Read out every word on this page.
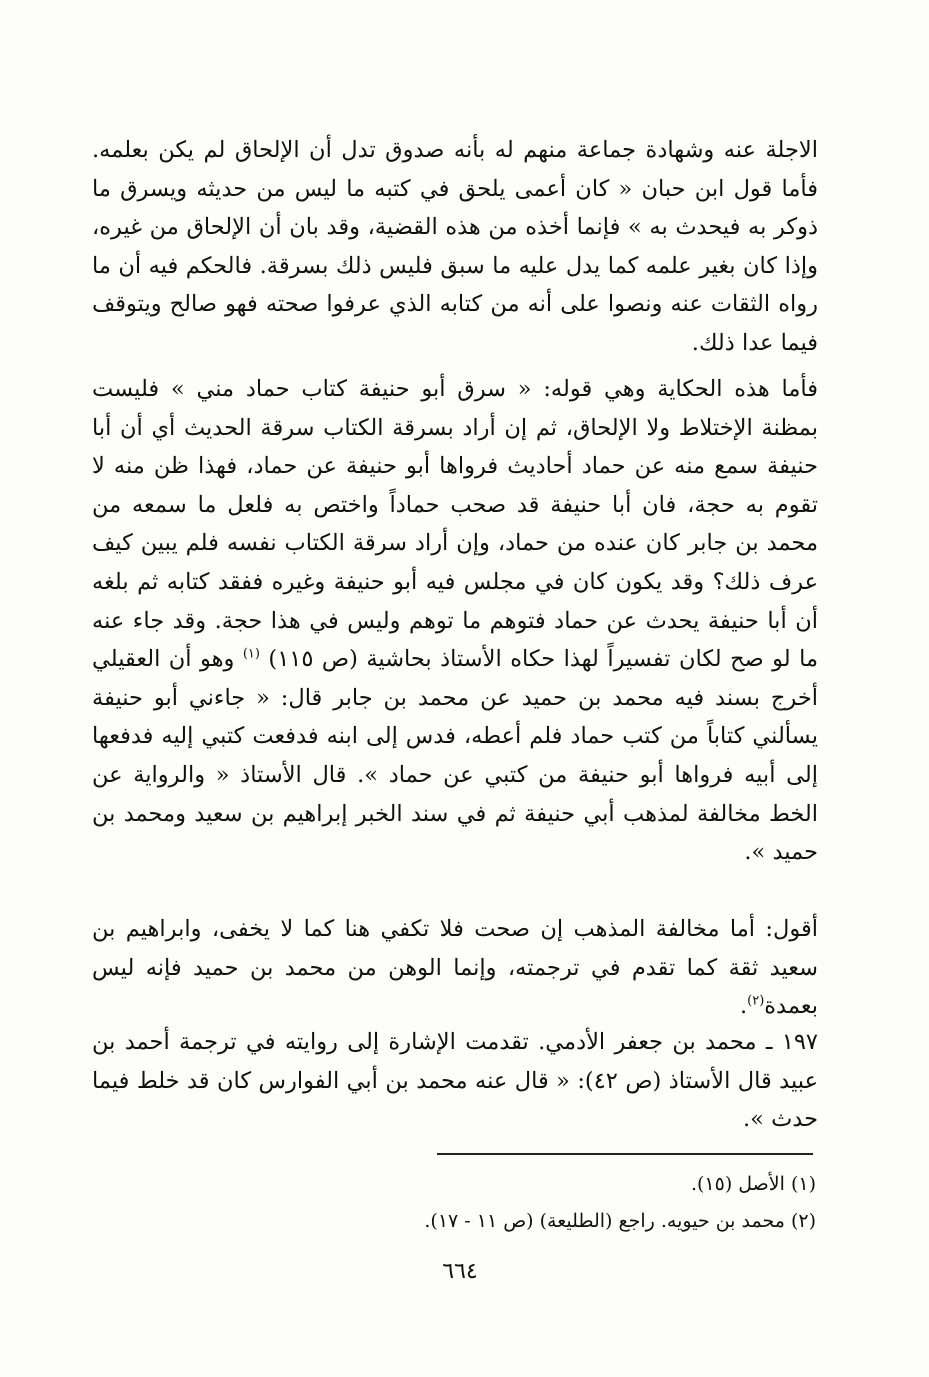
الاجلة عنه وشهادة جماعة منهم له بأنه صدوق تدل أن الإلحاق لم يكن بعلمه. فأما قول ابن حبان « كان أعمى يلحق في كتبه ما ليس من حديثه ويسرق ما ذوكر به فيحدث به » فإنما أخذه من هذه القضية، وقد بان أن الإلحاق من غيره، وإذا كان بغير علمه كما يدل عليه ما سبق فليس ذلك بسرقة. فالحكم فيه أن ما رواه الثقات عنه ونصوا على أنه من كتابه الذي عرفوا صحته فهو صالح ويتوقف فيما عدا ذلك.

فأما هذه الحكاية وهي قوله: « سرق أبو حنيفة كتاب حماد مني » فليست بمظنة الإختلاط ولا الإلحاق، ثم إن أراد بسرقة الكتاب سرقة الحديث أي أن أبا حنيفة سمع منه عن حماد أحاديث فرواها أبو حنيفة عن حماد، فهذا ظن منه لا تقوم به حجة، فان أبا حنيفة قد صحب حماداً واختص به فلعل ما سمعه من محمد بن جابر كان عنده من حماد، وإن أراد سرقة الكتاب نفسه فلم يبين كيف عرف ذلك؟ وقد يكون كان في مجلس فيه أبو حنيفة وغيره ففقد كتابه ثم بلغه أن أبا حنيفة يحدث عن حماد فتوهم ما توهم وليس في هذا حجة. وقد جاء عنه ما لو صح لكان تفسيراً لهذا حكاه الأستاذ بحاشية (ص ١١٥) $^{(١)}$ وهو أن العقيلي أخرج بسند فيه محمد بن حميد عن محمد بن جابر قال: « جاءني أبو حنيفة يسألني كتاباً من كتب حماد فلم أعطه، فدس إلى ابنه فدفعت كتبي إليه فدفعها إلى أبيه فرواها أبو حنيفة من كتبي عن حماد ». قال الأستاذ « والرواية عن الخط مخالفة لمذهب أبي حنيفة ثم في سند الخبر إبراهيم بن سعيد ومحمد بن حميد ».

أقول: أما مخالفة المذهب إن صحت فلا تكفي هنا كما لا يخفى، وابراهيم بن سعيد ثقة كما تقدم في ترجمته، وإنما الوهن من محمد بن حميد فإنه ليس بعمدة$^{(٢)}$.

١٩٧ ـ محمد بن جعفر الأدمي. تقدمت الإشارة إلى روايته في ترجمة أحمد بن عبيد قال الأستاذ (ص ٤٢): « قال عنه محمد بن أبي الفوارس كان قد خلط فيما حدث ».

(١) الأصل (١٥).

(٢) محمد بن حيويه. راجع (الطليعة) (ص ١١ - ١٧).

٦٦٤
